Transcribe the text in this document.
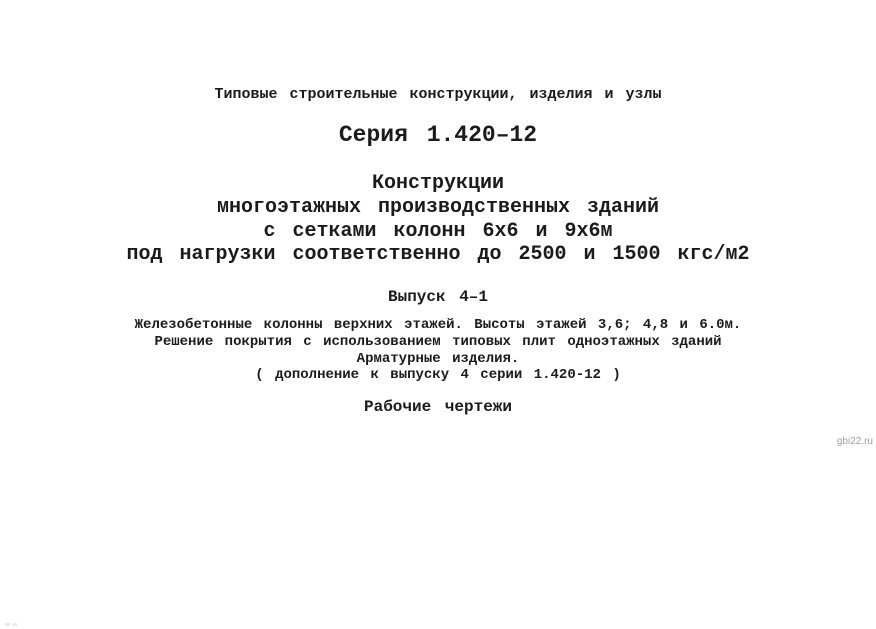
Типовые строительные конструкции, изделия и узлы
Серия 1.420–12
Конструкции
многоэтажных производственных зданий
с сетками колонн 6х6 и 9х6м
под нагрузки соответственно до 2500 и 1500 кгс/м2
Выпуск 4–1
Железобетонные колонны верхних этажей. Высоты этажей 3,6; 4,8 и 6.0м.
Решение покрытия с использованием типовых плит одноэтажных зданий
Арматурные изделия.
( дополнение к выпуску 4 серии 1.420-12 )
Рабочие чертежи
gbi22.ru
